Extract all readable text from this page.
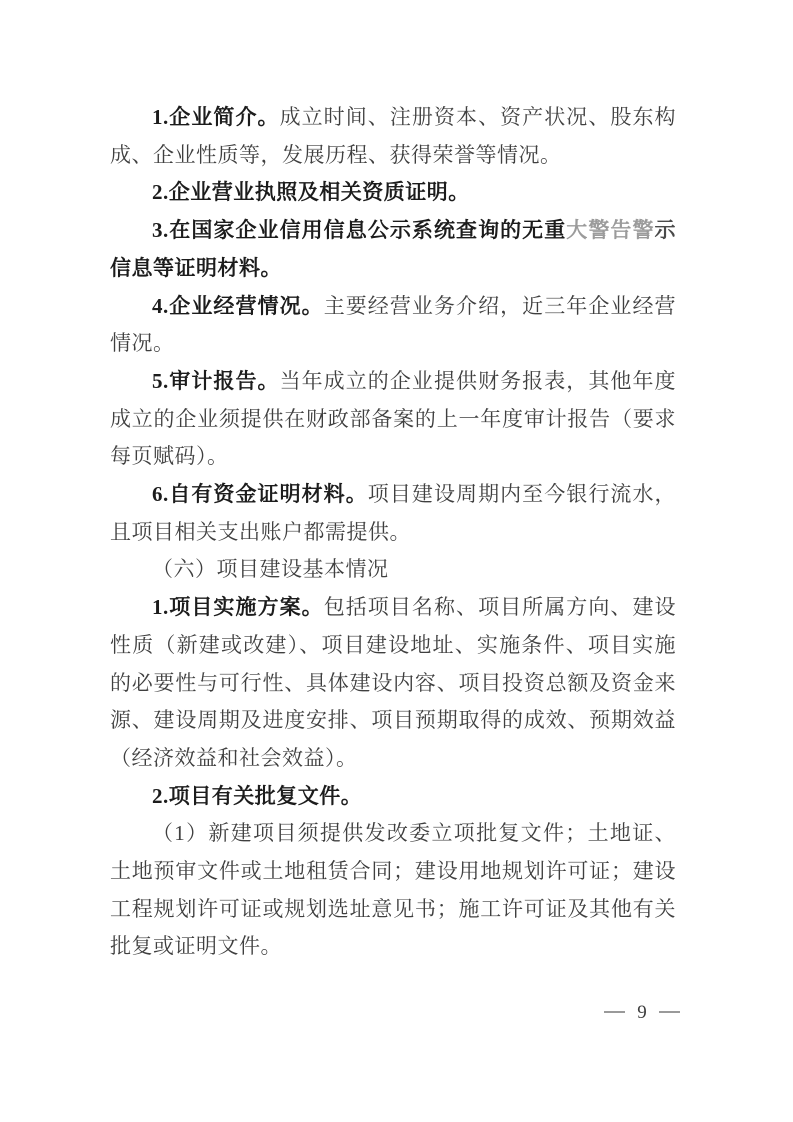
1.企业简介。成立时间、注册资本、资产状况、股东构
成、企业性质等，发展历程、获得荣誉等情况。
2.企业营业执照及相关资质证明。
3.在国家企业信用信息公示系统查询的无重大警告警示
信息等证明材料。
4.企业经营情况。主要经营业务介绍，近三年企业经营
情况。
5.审计报告。当年成立的企业提供财务报表，其他年度
成立的企业须提供在财政部备案的上一年度审计报告（要求
每页赋码）。
6.自有资金证明材料。项目建设周期内至今银行流水，
且项目相关支出账户都需提供。
（六）项目建设基本情况
1.项目实施方案。包括项目名称、项目所属方向、建设
性质（新建或改建）、项目建设地址、实施条件、项目实施
的必要性与可行性、具体建设内容、项目投资总额及资金来
源、建设周期及进度安排、项目预期取得的成效、预期效益
（经济效益和社会效益）。
2.项目有关批复文件。
（1）新建项目须提供发改委立项批复文件；土地证、
土地预审文件或土地租赁合同；建设用地规划许可证；建设
工程规划许可证或规划选址意见书；施工许可证及其他有关
批复或证明文件。
9
